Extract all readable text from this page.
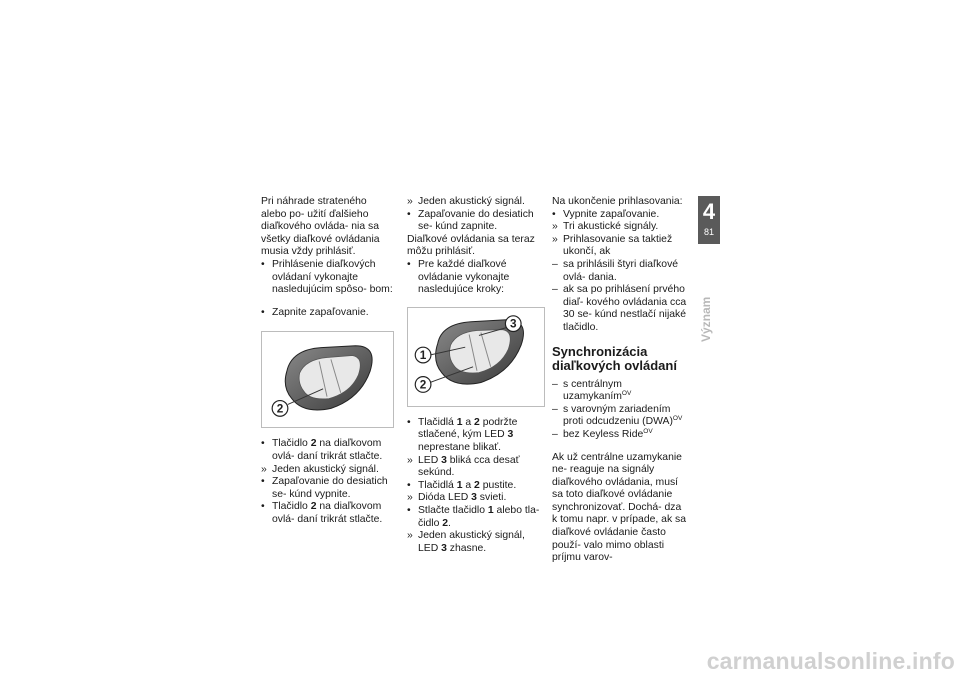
Pri náhrade strateného alebo po- užití ďalšieho diaľkového ovláda- nia sa všetky diaľkové ovládania musia vždy prihlásiť.

• Prihlásenie diaľkových ovládaní vykonajte nasledujúcim spôso- bom:
• Zapnite zapaľovanie.
2
• Tlačidlo 2 na diaľkovom ovlá- daní trikrát stlačte.
» Jeden akustický signál.
• Zapaľovanie do desiatich se- kúnd vypnite.
• Tlačidlo 2 na diaľkovom ovlá- daní trikrát stlačte.
» Jeden akustický signál.
• Zapaľovanie do desiatich se- kúnd zapnite.

Diaľkové ovládania sa teraz môžu prihlásiť.

• Pre každé diaľkové ovládanie vykonajte nasledujúce kroky:
3
1
2
• Tlačidlá 1 a 2 podržte stlačené, kým LED 3 neprestane blikať.
» LED 3 bliká cca desať sekúnd.
• Tlačidlá 1 a 2 pustite.
» Dióda LED 3 svieti.
• Stlačte tlačidlo 1 alebo tla- čidlo 2.
» Jeden akustický signál, LED 3 zhasne.

Na ukončenie prihlasovania:

• Vypnite zapaľovanie.
» Tri akustické signály.
» Prihlasovanie sa taktiež ukončí, ak
– sa prihlásili štyri diaľkové ovlá- dania.
– ak sa po prihlásení prvého diaľ- kového ovládania cca 30 se- kúnd nestlačí nijaké tlačidlo.
Synchronizácia diaľkových ovládaní
– s centrálnym uzamykaním$^{OV}$
– s varovným zariadením proti odcudzeniu (DWA)$^{OV}$
– bez Keyless Ride$^{OV}$

Ak už centrálne uzamykanie ne- reaguje na signály diaľkového ovládania, musí sa toto diaľkové ovládanie synchronizovať. Dochá- dza k tomu napr. v prípade, ak sa diaľkové ovládanie často použí- valo mimo oblasti príjmu varov-

4
81
Význam
carmanualsonline.info
